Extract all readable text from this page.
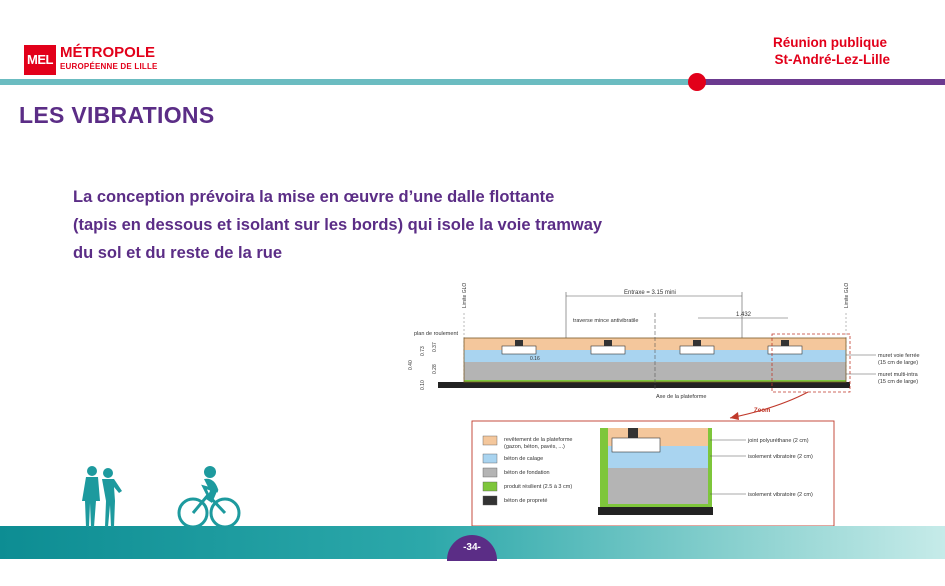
MEL MÉTROPOLE
EUROPÉENNE DE LILLE
Réunion publique
St-André-Lez-Lille
LES VIBRATIONS
La conception prévoira la mise en œuvre d’une dalle flottante
(tapis en dessous et isolant sur les bords) qui isole la voie tramway
du sol et du reste de la rue
Entraxe = 3.15 mini
1.432
Limite GLO	Limite GLO
traverse mince antivibratile
plan de roulement
0.16
0.40
0.73 0.37
0.28
0.10
Axe de la plateforme
muret voie ferrée
(15 cm de large)
muret multi-intra
(15 cm de large)
Zoom
revêtement de la plateforme
(gazon, béton, pavés, ...)
béton de calage
béton de fondation
produit résilient (2.5 à 3 cm)
béton de propreté
joint polyuréthane (2 cm)
isolement vibratoire (2 cm)
isolement vibratoire (2 cm)
-34-
